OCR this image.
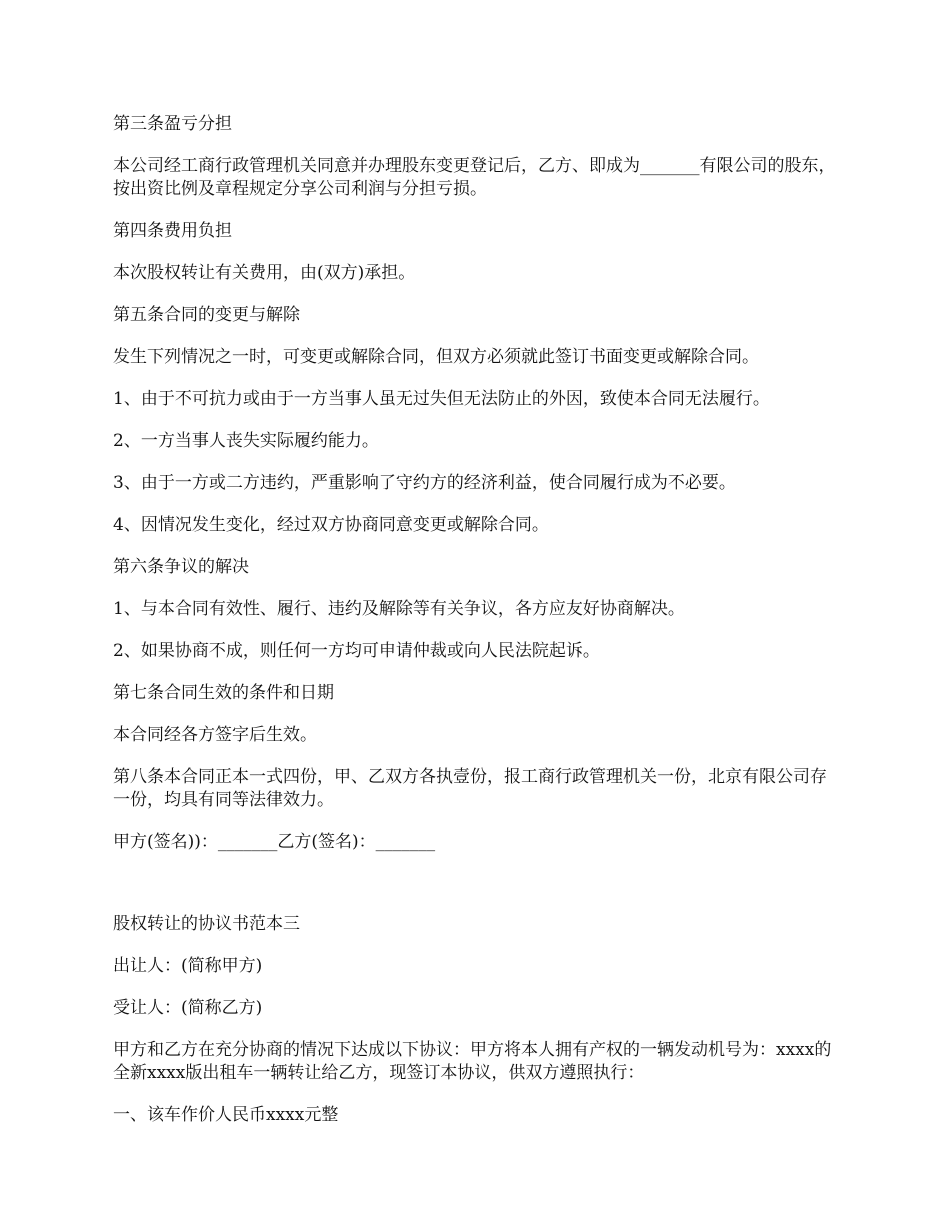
第三条盈亏分担

本公司经工商行政管理机关同意并办理股东变更登记后，乙方、即成为_______有限公司的股东，按出资比例及章程规定分享公司利润与分担亏损。

第四条费用负担

本次股权转让有关费用，由(双方)承担。

第五条合同的变更与解除

发生下列情况之一时，可变更或解除合同，但双方必须就此签订书面变更或解除合同。

1、由于不可抗力或由于一方当事人虽无过失但无法防止的外因，致使本合同无法履行。

2、一方当事人丧失实际履约能力。

3、由于一方或二方违约，严重影响了守约方的经济利益，使合同履行成为不必要。

4、因情况发生变化，经过双方协商同意变更或解除合同。

第六条争议的解决

1、与本合同有效性、履行、违约及解除等有关争议，各方应友好协商解决。

2、如果协商不成，则任何一方均可申请仲裁或向人民法院起诉。

第七条合同生效的条件和日期

本合同经各方签字后生效。

第八条本合同正本一式四份，甲、乙双方各执壹份，报工商行政管理机关一份，北京有限公司存一份，均具有同等法律效力。

甲方(签名))：_______乙方(签名)：_______

股权转让的协议书范本三

出让人：(简称甲方)

受让人：(简称乙方)

甲方和乙方在充分协商的情况下达成以下协议：甲方将本人拥有产权的一辆发动机号为：xxxx的全新xxxx版出租车一辆转让给乙方，现签订本协议，供双方遵照执行：

一、该车作价人民币xxxx元整
